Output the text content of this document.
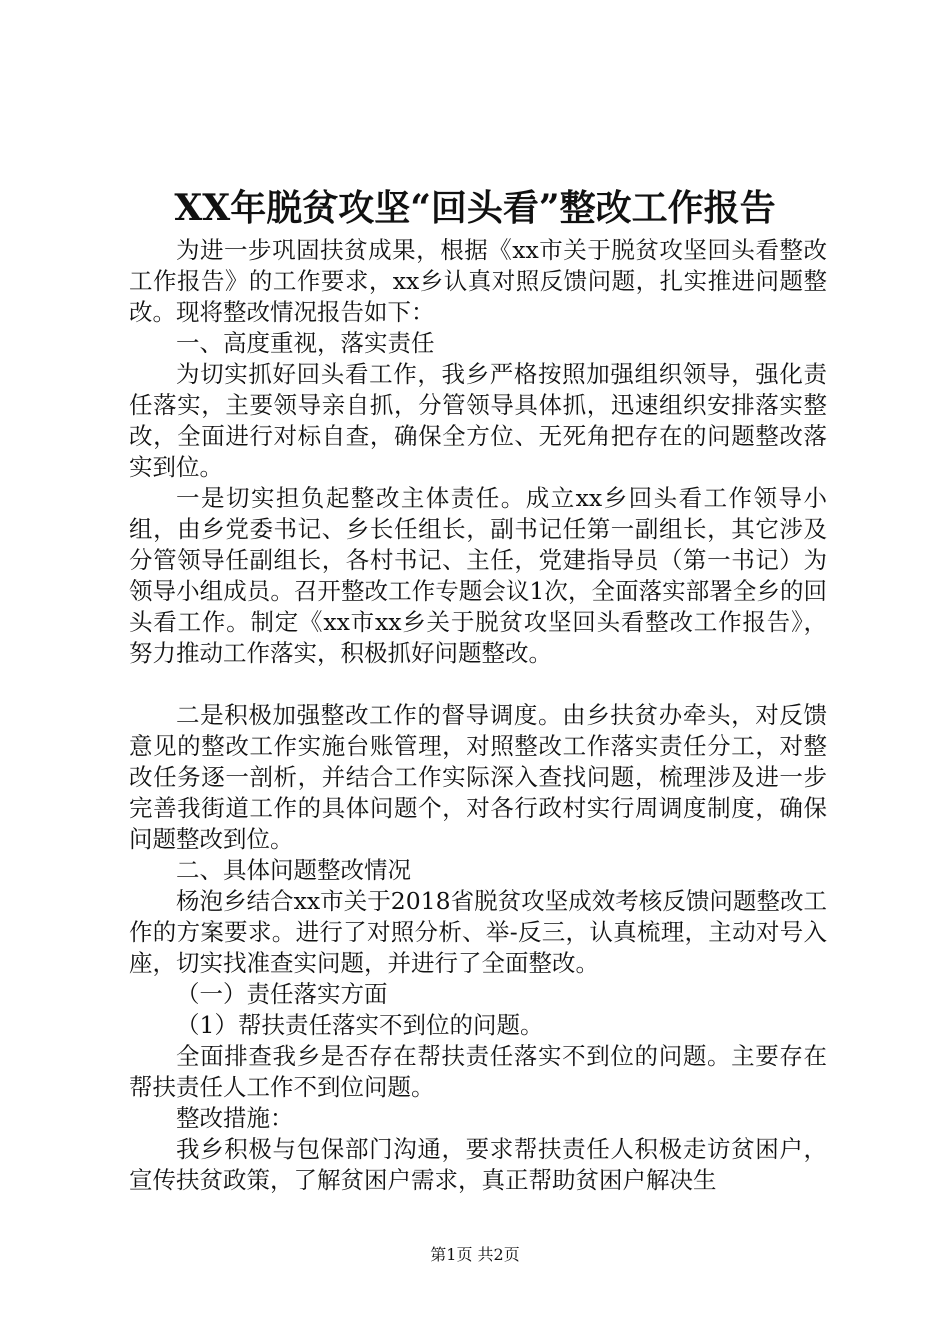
XX年脱贫攻坚“回头看”整改工作报告

为进一步巩固扶贫成果，根据《xx市关于脱贫攻坚回头看整改工作报告》的工作要求，xx乡认真对照反馈问题，扎实推进问题整改。现将整改情况报告如下：

一、高度重视，落实责任

为切实抓好回头看工作，我乡严格按照加强组织领导，强化责任落实，主要领导亲自抓，分管领导具体抓，迅速组织安排落实整改，全面进行对标自查，确保全方位、无死角把存在的问题整改落实到位。

一是切实担负起整改主体责任。成立xx乡回头看工作领导小组，由乡党委书记、乡长任组长，副书记任第一副组长，其它涉及分管领导任副组长，各村书记、主任，党建指导员（第一书记）为领导小组成员。召开整改工作专题会议1次，全面落实部署全乡的回头看工作。制定《xx市xx乡关于脱贫攻坚回头看整改工作报告》，努力推动工作落实，积极抓好问题整改。

二是积极加强整改工作的督导调度。由乡扶贫办牵头，对反馈意见的整改工作实施台账管理，对照整改工作落实责任分工，对整改任务逐一剖析，并结合工作实际深入查找问题，梳理涉及进一步完善我街道工作的具体问题个，对各行政村实行周调度制度，确保问题整改到位。

二、具体问题整改情况

杨泡乡结合xx市关于2018省脱贫攻坚成效考核反馈问题整改工作的方案要求。进行了对照分析、举-反三，认真梳理，主动对号入座，切实找准查实问题，并进行了全面整改。

（一）责任落实方面

（1）帮扶责任落实不到位的问题。

全面排查我乡是否存在帮扶责任落实不到位的问题。主要存在帮扶责任人工作不到位问题。

整改措施：

我乡积极与包保部门沟通，要求帮扶责任人积极走访贫困户，宣传扶贫政策，了解贫困户需求，真正帮助贫困户解决生

第1页 共2页
